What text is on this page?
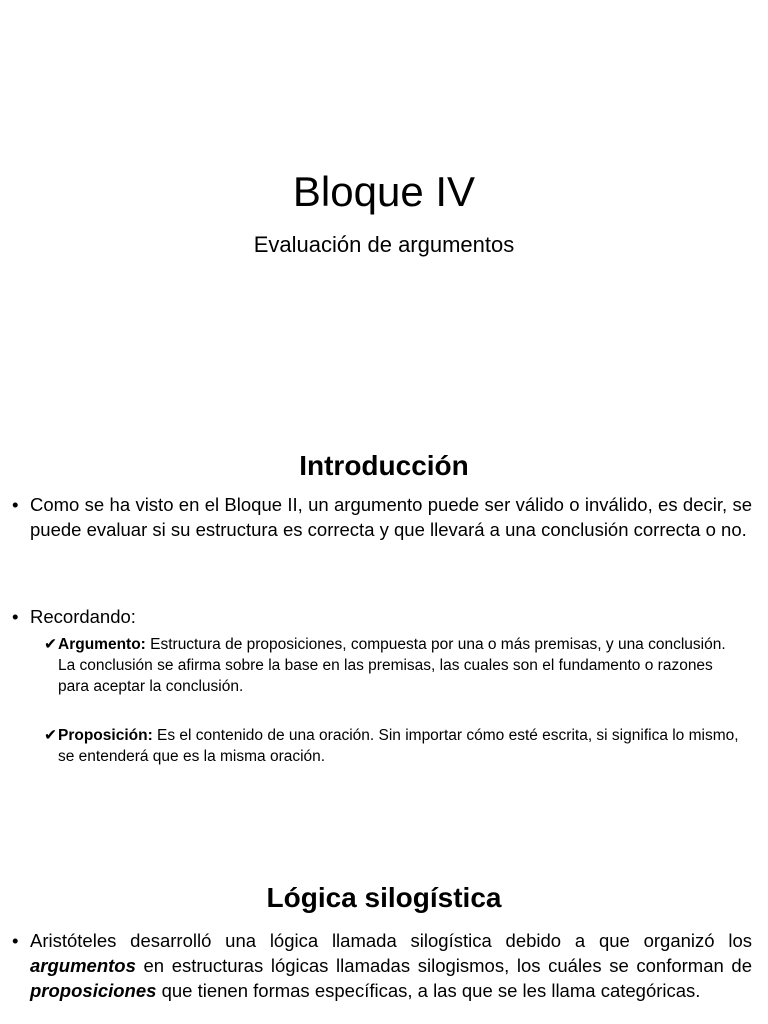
Bloque IV
Evaluación de argumentos
Introducción
• Como se ha visto en el Bloque II, un argumento puede ser válido o inválido, es decir, se puede evaluar si su estructura es correcta y que llevará a una conclusión correcta o no.
• Recordando:
✔ Argumento: Estructura de proposiciones, compuesta por una o más premisas, y una conclusión. La conclusión se afirma sobre la base en las premisas, las cuales son el fundamento o razones para aceptar la conclusión.
✔ Proposición: Es el contenido de una oración. Sin importar cómo esté escrita, si significa lo mismo, se entenderá que es la misma oración.
Lógica silogística
• Aristóteles desarrolló una lógica llamada silogística debido a que organizó los argumentos en estructuras lógicas llamadas silogismos, los cuáles se conforman de proposiciones que tienen formas específicas, a las que se les llama categóricas.
